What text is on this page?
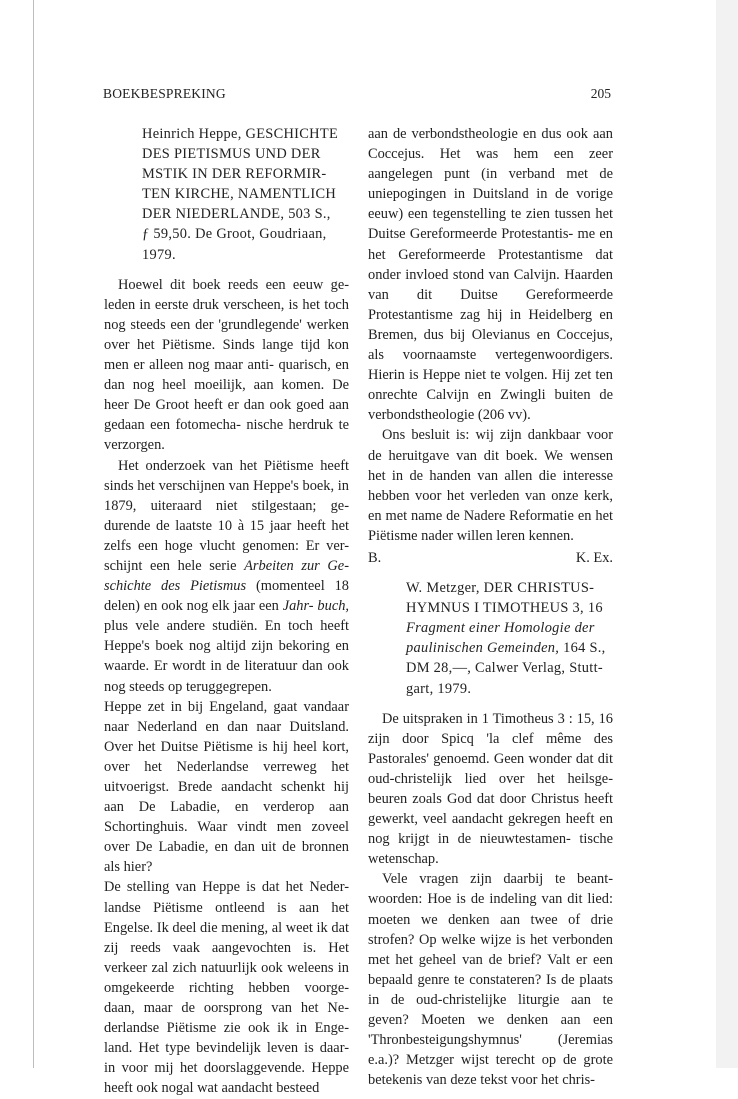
BOEKBESPREKING	205
Heinrich Heppe, GESCHICHTE
DES PIETISMUS UND DER
MSTIK IN DER REFORMIR-
TEN KIRCHE, NAMENTLICH
DER NIEDERLANDE, 503 S.,
ƒ 59,50. De Groot, Goudriaan,
1979.

Hoewel dit boek reeds een eeuw ge- leden in eerste druk verscheen, is het toch nog steeds een der 'grundlegende' werken over het Piëtisme. Sinds lange tijd kon men er alleen nog maar anti- quarisch, en dan nog heel moeilijk, aan komen. De heer De Groot heeft er dan ook goed aan gedaan een fotomecha- nische herdruk te verzorgen.

Het onderzoek van het Piëtisme heeft sinds het verschijnen van Heppe's boek, in 1879, uiteraard niet stilgestaan; ge- durende de laatste 10 à 15 jaar heeft het zelfs een hoge vlucht genomen: Er ver- schijnt een hele serie Arbeiten zur Ge- schichte des Pietismus (momenteel 18 delen) en ook nog elk jaar een Jahr- buch, plus vele andere studiën. En toch heeft Heppe's boek nog altijd zijn bekoring en waarde. Er wordt in de literatuur dan ook nog steeds op teruggegrepen.

Heppe zet in bij Engeland, gaat vandaar naar Nederland en dan naar Duitsland. Over het Duitse Piëtisme is hij heel kort, over het Nederlandse verreweg het uitvoerigst. Brede aandacht schenkt hij aan De Labadie, en verderop aan Schortinghuis. Waar vindt men zoveel over De Labadie, en dan uit de bronnen als hier?

De stelling van Heppe is dat het Neder- landse Piëtisme ontleend is aan het Engelse. Ik deel die mening, al weet ik dat zij reeds vaak aangevochten is. Het verkeer zal zich natuurlijk ook weleens in omgekeerde richting hebben voorge- daan, maar de oorsprong van het Ne- derlandse Piëtisme zie ook ik in Enge- land. Het type bevindelijk leven is daar- in voor mij het doorslaggevende. Heppe heeft ook nogal wat aandacht besteed

aan de verbondstheologie en dus ook aan Coccejus. Het was hem een zeer aangelegen punt (in verband met de uniepogingen in Duitsland in de vorige eeuw) een tegenstelling te zien tussen het Duitse Gereformeerde Protestantis- me en het Gereformeerde Protestantisme dat onder invloed stond van Calvijn. Haarden van dit Duitse Gereformeerde Protestantisme zag hij in Heidelberg en Bremen, dus bij Olevianus en Coccejus, als voornaamste vertegenwoordigers. Hierin is Heppe niet te volgen. Hij zet ten onrechte Calvijn en Zwingli buiten de verbondstheologie (206 vv).

Ons besluit is: wij zijn dankbaar voor de heruitgave van dit boek. We wensen het in de handen van allen die interesse hebben voor het verleden van onze kerk, en met name de Nadere Reformatie en het Piëtisme nader willen leren kennen.

B.	K. Ex.
W. Metzger, DER CHRISTUS-
HYMNUS I TIMOTHEUS 3, 16
Fragment einer Homologie der
paulinischen Gemeinden, 164 S.,
DM 28,—, Calwer Verlag, Stutt-
gart, 1979.

De uitspraken in 1 Timotheus 3 : 15, 16 zijn door Spicq 'la clef même des Pastorales' genoemd. Geen wonder dat dit oud-christelijk lied over het heilsge- beuren zoals God dat door Christus heeft gewerkt, veel aandacht gekregen heeft en nog krijgt in de nieuwtestamen- tische wetenschap.

Vele vragen zijn daarbij te beant- woorden: Hoe is de indeling van dit lied: moeten we denken aan twee of drie strofen? Op welke wijze is het verbonden met het geheel van de brief? Valt er een bepaald genre te constateren? Is de plaats in de oud-christelijke liturgie aan te geven? Moeten we denken aan een 'Thronbesteigungshymnus' (Jeremias e.a.)? Metzger wijst terecht op de grote betekenis van deze tekst voor het chris-
